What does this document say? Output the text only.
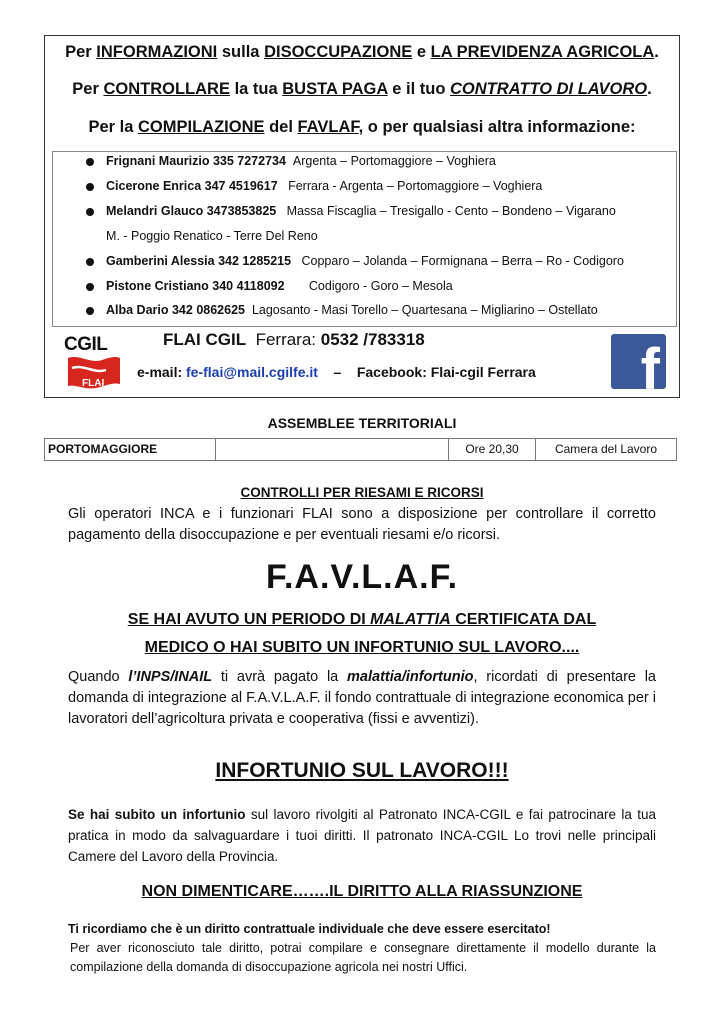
Per INFORMAZIONI sulla DISOCCUPAZIONE e LA PREVIDENZA AGRICOLA.
Per CONTROLLARE la tua BUSTA PAGA e il tuo CONTRATTO DI LAVORO.
Per la COMPILAZIONE del FAVLAF, o per qualsiasi altra informazione:
Frignani Maurizio 335 7272734 Argenta – Portomaggiore – Voghiera
Cicerone Enrica 347 4519617 Ferrara - Argenta – Portomaggiore – Voghiera
Melandri Glauco 3473853825 Massa Fiscaglia – Tresigallo - Cento – Bondeno – Vigarano
M. - Poggio Renatico - Terre Del Reno
Gamberini Alessia 342 1285215 Copparo – Jolanda – Formignana – Berra – Ro - Codigoro
Pistone Cristiano 340 4118092 Codigoro - Goro – Mesola
Alba Dario 342 0862625 Lagosanto - Masi Torello – Quartesana – Migliarino – Ostellato
CGIL
FLAI
FLAI CGIL Ferrara: 0532 /783318
e-mail: fe-flai@mail.cgilfe.it – Facebook: Flai-cgil Ferrara f
ASSEMBLEE TERRITORIALI
PORTOMAGGIORE	Ore 20,30	Camera del Lavoro
CONTROLLI PER RIESAMI E RICORSI
Gli operatori INCA e i funzionari FLAI sono a disposizione per controllare il corretto pagamento della disoccupazione e per eventuali riesami e/o ricorsi.
F.A.V.L.A.F.
SE HAI AVUTO UN PERIODO DI MALATTIA CERTIFICATA DAL
MEDICO O HAI SUBITO UN INFORTUNIO SUL LAVORO....
Quando l’INPS/INAIL ti avrà pagato la malattia/infortunio, ricordati di presentare la domanda di integrazione al F.A.V.L.A.F. il fondo contrattuale di integrazione economica per i lavoratori dell’agricoltura privata e cooperativa (fissi e avventizi).
INFORTUNIO SUL LAVORO!!!
Se hai subito un infortunio sul lavoro rivolgiti al Patronato INCA-CGIL e fai patrocinare la tua pratica in modo da salvaguardare i tuoi diritti. Il patronato INCA-CGIL Lo trovi nelle principali Camere del Lavoro della Provincia.
NON DIMENTICARE…….IL DIRITTO ALLA RIASSUNZIONE
Ti ricordiamo che è un diritto contrattuale individuale che deve essere esercitato!
Per aver riconosciuto tale diritto, potrai compilare e consegnare direttamente il modello durante la compilazione della domanda di disoccupazione agricola nei nostri Uffici.
